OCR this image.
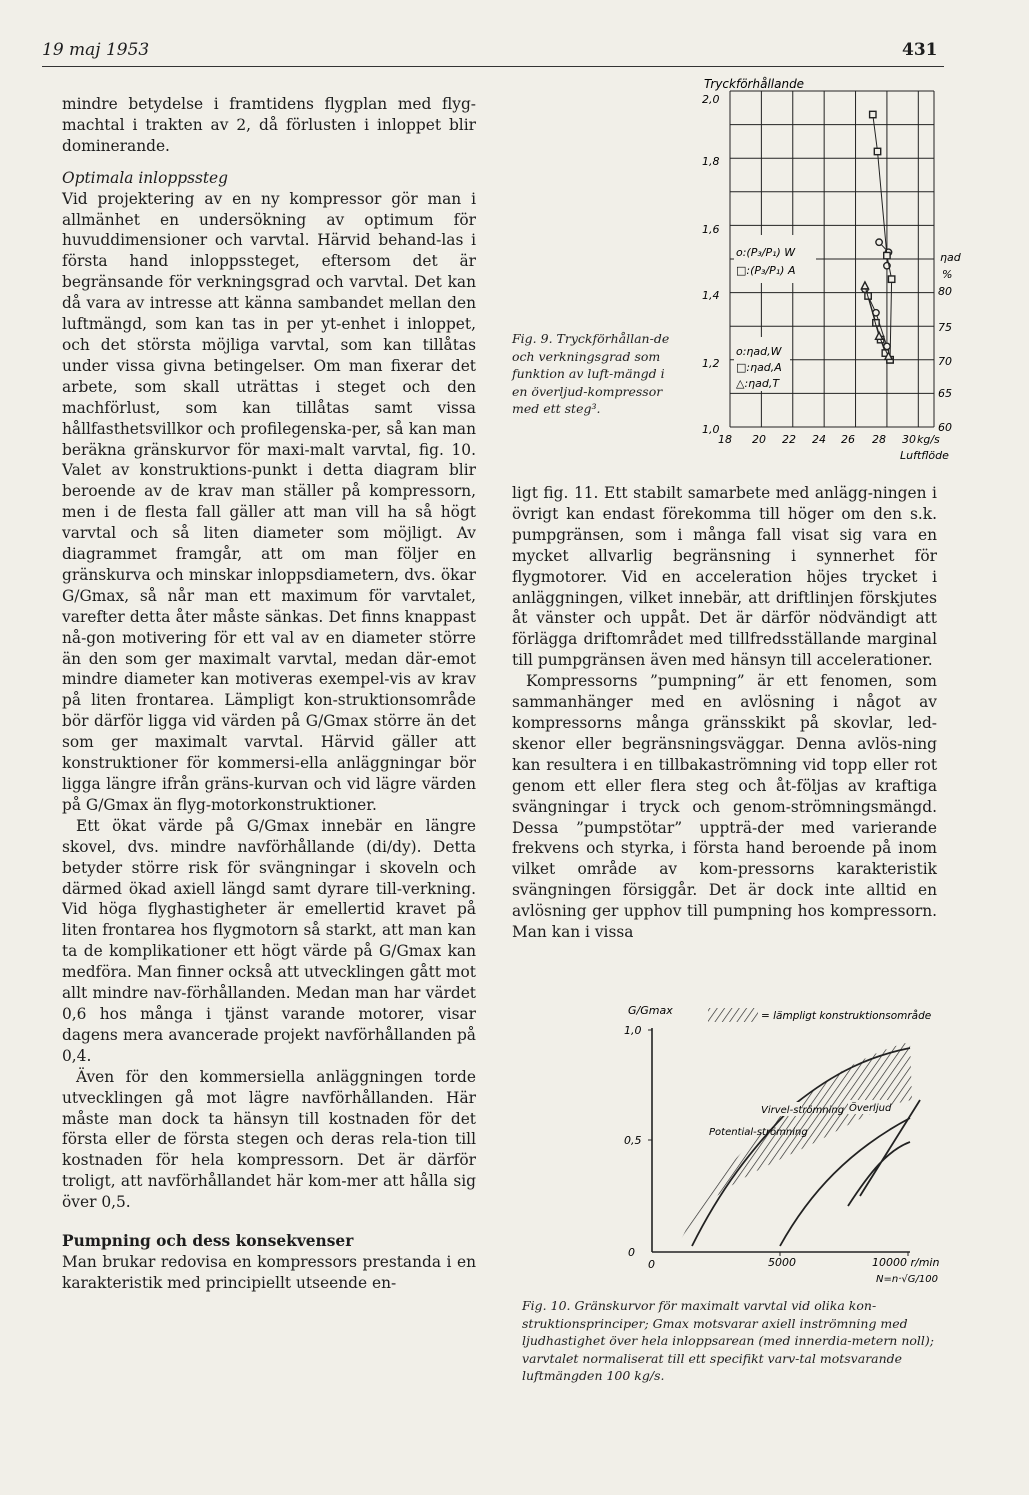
19 maj 1953	431

mindre betydelse i framtidens flygplan med flyg-machtal i trakten av 2, då förlusten i inloppet blir dominerande.

Optimala inloppssteg

Vid projektering av en ny kompressor gör man i allmänhet en undersökning av optimum för huvuddimensioner och varvtal. Härvid behand-las i första hand inloppssteget, eftersom det är begränsande för verkningsgrad och varvtal. Det kan då vara av intresse att känna sambandet mellan den luftmängd, som kan tas in per yt-enhet i inloppet, och det största möjliga varvtal, som kan tillåtas under vissa givna betingelser. Om man fixerar det arbete, som skall uträttas i steget och den machförlust, som kan tillåtas samt vissa hållfasthetsvillkor och profilegenska-per, så kan man beräkna gränskurvor för maxi-malt varvtal, fig. 10. Valet av konstruktions-punkt i detta diagram blir beroende av de krav man ställer på kompressorn, men i de flesta fall gäller att man vill ha så högt varvtal och så liten diameter som möjligt. Av diagrammet framgår, att om man följer en gränskurva och minskar inloppsdiametern, dvs. ökar G/Gmax, så når man ett maximum för varvtalet, varefter detta åter måste sänkas. Det finns knappast nå-gon motivering för ett val av en diameter större än den som ger maximalt varvtal, medan där-emot mindre diameter kan motiveras exempel-vis av krav på liten frontarea. Lämpligt kon-struktionsområde bör därför ligga vid värden på G/Gmax större än det som ger maximalt varvtal. Härvid gäller att konstruktioner för kommersi-ella anläggningar bör ligga längre ifrån gräns-kurvan och vid lägre värden på G/Gmax än flyg-motorkonstruktioner.

Ett ökat värde på G/Gmax innebär en längre skovel, dvs. mindre navförhållande (di/dy). Detta betyder större risk för svängningar i skoveln och därmed ökad axiell längd samt dyrare till-verkning. Vid höga flyghastigheter är emellertid kravet på liten frontarea hos flygmotorn så starkt, att man kan ta de komplikationer ett högt värde på G/Gmax kan medföra. Man finner också att utvecklingen gått mot allt mindre nav-förhållanden. Medan man har värdet 0,6 hos många i tjänst varande motorer, visar dagens mera avancerade projekt navförhållanden på 0,4.

Även för den kommersiella anläggningen torde utvecklingen gå mot lägre navförhållanden. Här måste man dock ta hänsyn till kostnaden för det första eller de första stegen och deras rela-tion till kostnaden för hela kompressorn. Det är därför troligt, att navförhållandet här kom-mer att hålla sig över 0,5.

Pumpning och dess konsekvenser

Man brukar redovisa en kompressors prestanda i en karakteristik med principiellt utseende en-

ligt fig. 11. Ett stabilt samarbete med anlägg-ningen i övrigt kan endast förekomma till höger om den s.k. pumpgränsen, som i många fall visat sig vara en mycket allvarlig begränsning i synnerhet för flygmotorer. Vid en acceleration höjes trycket i anläggningen, vilket innebär, att driftlinjen förskjutes åt vänster och uppåt. Det är därför nödvändigt att förlägga driftområdet med tillfredsställande marginal till pumpgränsen även med hänsyn till accelerationer.

Kompressorns ”pumpning” är ett fenomen, som sammanhänger med en avlösning i något av kompressorns många gränsskikt på skovlar, led-skenor eller begränsningsväggar. Denna avlös-ning kan resultera i en tillbakaströmning vid topp eller rot genom ett eller flera steg och åt-följas av kraftiga svängningar i tryck och genom-strömningsmängd. Dessa ”pumpstötar” uppträ-der med varierande frekvens och styrka, i första hand beroende på inom vilket område av kom-pressorns karakteristik svängningen försiggår. Det är dock inte alltid en avlösning ger upphov till pumpning hos kompressorn. Man kan i vissa

Fig. 9. Tryckförhållan-de och verkningsgrad som funktion av luft-mängd i en överljud-kompressor med ett steg³.
Tryckförhållande
2,0
1,8
1,6
1,4
1,2
1,0
18 20 22 24 26 28 30 kg/s
Luftflöde
ηad
%
80
75
70
65
60
o:(P₃/P₁) W
□:(P₃/P₁) A
o:ηad,W
□:ηad,A
△:ηad,T
= lämpligt konstruktionsområde
G/Gmax
1,0
0,5
0
0	5000	10000 r/min
N=n·√G/100
Virvel-strömning Överljud
Potential-strömning
Fig. 10. Gränskurvor för maximalt varvtal vid olika kon-struktionsprinciper; Gmax motsvarar axiell inströmning med ljudhastighet över hela inloppsarean (med innerdia-metern noll); varvtalet normaliserat till ett specifikt varv-tal motsvarande luftmängden 100 kg/s.
